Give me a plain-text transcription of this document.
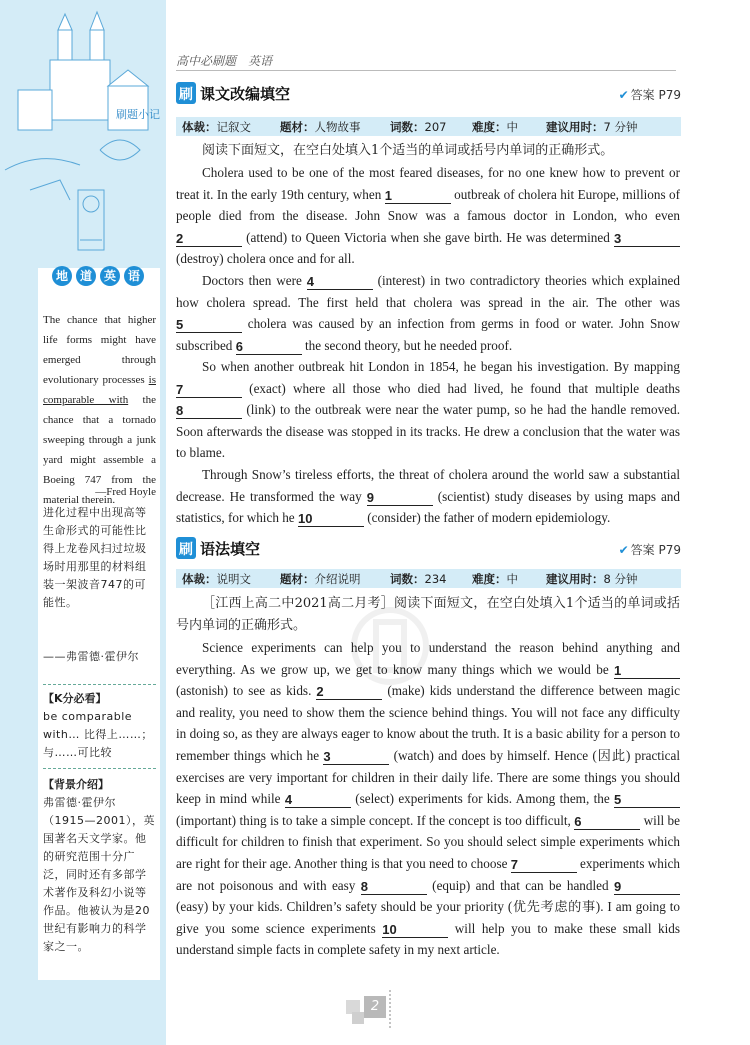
刷题小记
地 道 英 语
The chance that higher life forms might have emerged through evolutionary processes is comparable with the chance that a tornado sweeping through a junk yard might assemble a Boeing 747 from the material therein.
—Fred Hoyle
进化过程中出现高等生命形式的可能性比得上龙卷风扫过垃圾场时用那里的材料组装一架波音747的可能性。
——弗雷德·霍伊尔
【K分必看】
be comparable with… 比得上……；与……可比较
【背景介绍】
弗雷德·霍伊尔（1915—2001），英国著名天文学家。他的研究范围十分广泛，同时还有多部学术著作及科幻小说等作品。他被认为是20世纪有影响力的科学家之一。
高中必刷题　英语
刷 课文改编填空	✔ 答案 P79
体裁：记叙文	题材：人物故事	词数：207 难度：中 建议用时：7 分钟
阅读下面短文，在空白处填入1个适当的单词或括号内单词的正确形式。
Cholera used to be one of the most feared diseases, for no one knew how to prevent or treat it. In the early 19th century, when 1	outbreak of cholera hit Europe, millions of people died from the disease. John Snow was a famous doctor in London, who even 2	(attend) to Queen Victoria when she gave birth. He was determined 3 (destroy) cholera once and for all.
Doctors then were 4	(interest) in two contradictory theories which explained how cholera spread. The first held that cholera was spread in the air. The other was 5	cholera was caused by an infection from germs in food or water. John Snow subscribed 6	the second theory, but he needed proof.
So when another outbreak hit London in 1854, he began his investigation. By mapping 7	(exact) where all those who died had lived, he found that multiple deaths 8	(link) to the outbreak were near the water pump, so he had the handle removed. Soon afterwards the disease was stopped in its tracks. He drew a conclusion that the water was to blame.
Through Snow’s tireless efforts, the threat of cholera around the world saw a substantial decrease. He transformed the way 9	(scientist) study diseases by using maps and statistics, for which he 10	(consider) the father of modern epidemiology.
刷 语法填空	✔ 答案 P79
体裁：说明文	题材：介绍说明	词数：234 难度：中 建议用时：8 分钟
［江西上高二中2021高二月考］阅读下面短文，在空白处填入1个适当的单词或括号内单词的正确形式。
Science experiments can help you to understand the reason behind anything and everything. As we grow up, we get to know many things which we would be 1 (astonish) to see as kids. 2	(make) kids understand the difference between magic and reality, you need to show them the science behind things. You will not face any difficulty in doing so, as they are always eager to know about the truth. It is a basic ability for a person to remember things which he 3	(watch) and does by himself. Hence (因此) practical exercises are very important for children in their daily life. There are some things you should keep in mind while 4	(select) experiments for kids. Among them, the 5 (important) thing is to take a simple concept. If the concept is too difficult, 6	will be difficult for children to finish that experiment. So you should select simple experiments which are right for their age. Another thing is that you need to choose 7	experiments which are not poisonous and with easy 8	(equip) and that can be handled 9 (easy) by your kids. Children’s safety should be your priority (优先考虑的事). I am going to give you some science experiments 10	will help you to make these small kids understand simple facts in complete safety in my next article.
2
